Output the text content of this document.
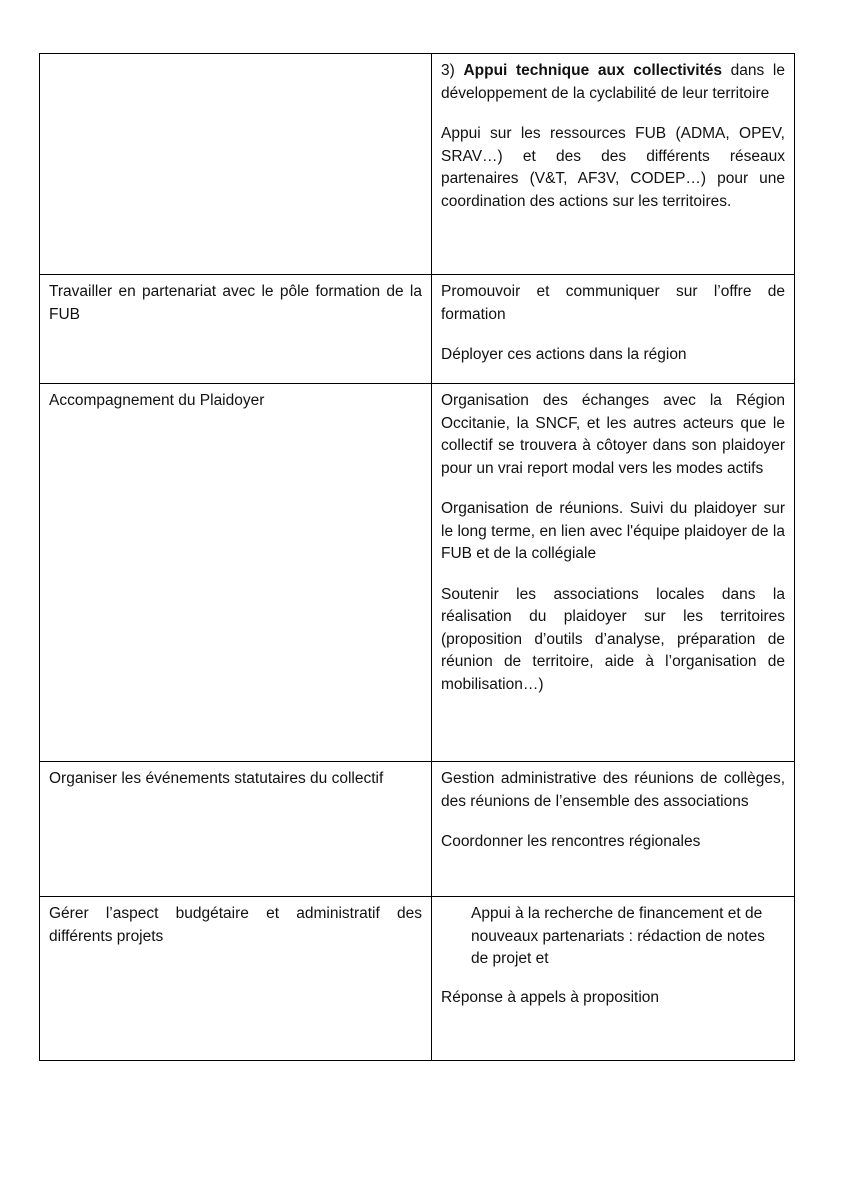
	3) Appui technique aux collectivités dans le développement de la cyclabilité de leur territoire

Appui sur les ressources FUB (ADMA, OPEV, SRAV…) et des des différents réseaux partenaires (V&T, AF3V, CODEP…) pour une coordination des actions sur les territoires.

Travailler en partenariat avec le pôle formation de la FUB	Promouvoir et communiquer sur l’offre de formation

Déployer ces actions dans la région

Accompagnement du Plaidoyer	Organisation des échanges avec la Région Occitanie, la SNCF, et les autres acteurs que le collectif se trouvera à côtoyer dans son plaidoyer pour un vrai report modal vers les modes actifs

Organisation de réunions. Suivi du plaidoyer sur le long terme, en lien avec l'équipe plaidoyer de la FUB et de la collégiale

Soutenir les associations locales dans la réalisation du plaidoyer sur les territoires (proposition d’outils d’analyse, préparation de réunion de territoire, aide à l’organisation de mobilisation…)

Organiser les événements statutaires du collectif	Gestion administrative des réunions de collèges, des réunions de l’ensemble des associations

Coordonner les rencontres régionales

Gérer l’aspect budgétaire et administratif des différents projets	Appui à la recherche de financement et de nouveaux partenariats : rédaction de notes de projet et

Réponse à appels à proposition
